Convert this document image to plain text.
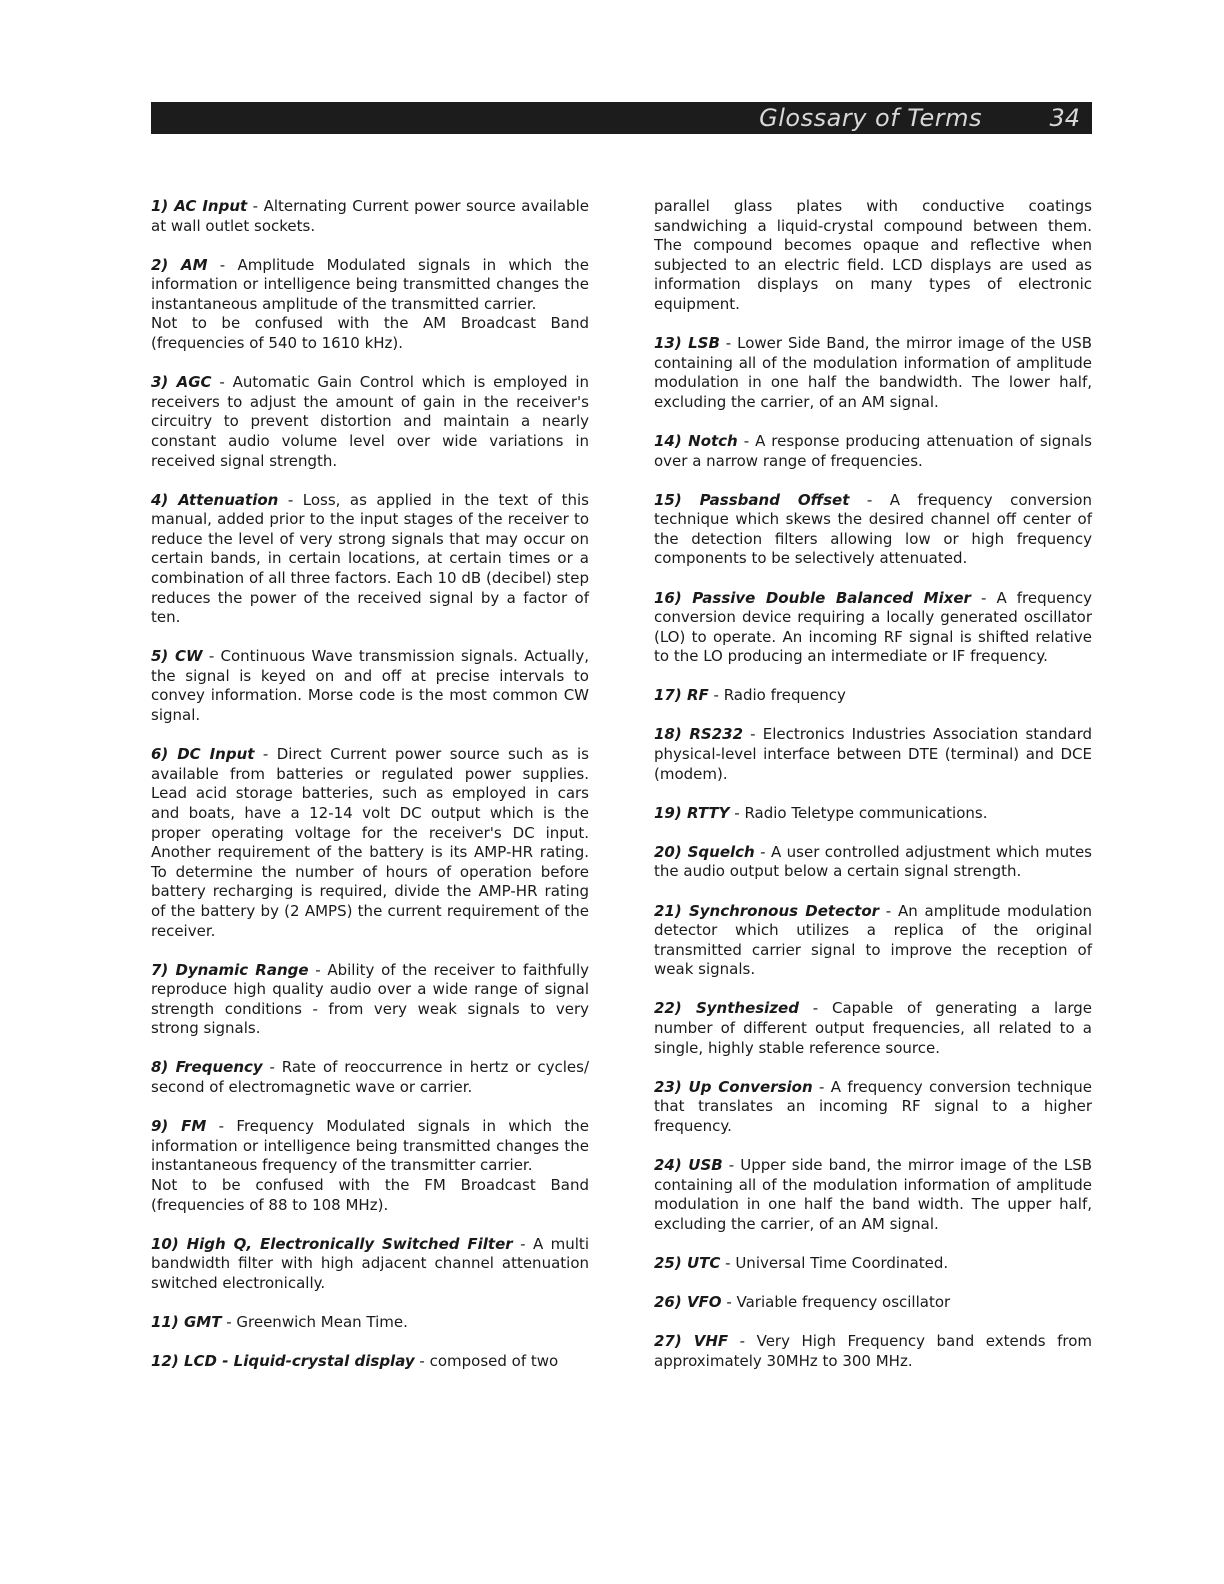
Glossary of Terms	34

1) AC Input - Alternating Current power source available at wall outlet sockets.

2) AM - Amplitude Modulated signals in which the information or intelligence being transmitted changes the instantaneous amplitude of the transmitted carrier.
Not to be confused with the AM Broadcast Band (frequencies of 540 to 1610 kHz).

3) AGC - Automatic Gain Control which is employed in receivers to adjust the amount of gain in the receiver's circuitry to prevent distortion and maintain a nearly constant audio volume level over wide variations in received signal strength.

4) Attenuation - Loss, as applied in the text of this manual, added prior to the input stages of the receiver to reduce the level of very strong signals that may occur on certain bands, in certain locations, at certain times or a combination of all three factors. Each 10 dB (decibel) step reduces the power of the received signal by a factor of ten.

5) CW - Continuous Wave transmission signals. Actually, the signal is keyed on and off at precise intervals to convey information. Morse code is the most common CW signal.

6) DC Input - Direct Current power source such as is available from batteries or regulated power supplies. Lead acid storage batteries, such as employed in cars and boats, have a 12-14 volt DC output which is the proper operating voltage for the receiver's DC input. Another requirement of the battery is its AMP-HR rating. To determine the number of hours of operation before battery recharging is required, divide the AMP-HR rating of the battery by (2 AMPS) the current requirement of the receiver.

7) Dynamic Range - Ability of the receiver to faithfully reproduce high quality audio over a wide range of signal strength conditions - from very weak signals to very strong signals.

8) Frequency - Rate of reoccurrence in hertz or cycles/ second of electromagnetic wave or carrier.

9) FM - Frequency Modulated signals in which the information or intelligence being transmitted changes the instantaneous frequency of the transmitter carrier.
Not to be confused with the FM Broadcast Band (frequencies of 88 to 108 MHz).

10) High Q, Electronically Switched Filter - A multi bandwidth filter with high adjacent channel attenuation switched electronically.

11) GMT - Greenwich Mean Time.

12) LCD - Liquid-crystal display - composed of two

parallel glass plates with conductive coatings sandwiching a liquid-crystal compound between them. The compound becomes opaque and reflective when subjected to an electric field. LCD displays are used as information displays on many types of electronic equipment.

13) LSB - Lower Side Band, the mirror image of the USB containing all of the modulation information of amplitude modulation in one half the bandwidth. The lower half, excluding the carrier, of an AM signal.

14) Notch - A response producing attenuation of signals over a narrow range of frequencies.

15) Passband Offset - A frequency conversion technique which skews the desired channel off center of the detection filters allowing low or high frequency components to be selectively attenuated.

16) Passive Double Balanced Mixer - A frequency conversion device requiring a locally generated oscillator (LO) to operate. An incoming RF signal is shifted relative to the LO producing an intermediate or IF frequency.

17) RF - Radio frequency

18) RS232 - Electronics Industries Association standard physical-level interface between DTE (terminal) and DCE (modem).

19) RTTY - Radio Teletype communications.

20) Squelch - A user controlled adjustment which mutes the audio output below a certain signal strength.

21) Synchronous Detector - An amplitude modulation detector which utilizes a replica of the original transmitted carrier signal to improve the reception of weak signals.

22) Synthesized - Capable of generating a large number of different output frequencies, all related to a single, highly stable reference source.

23) Up Conversion - A frequency conversion technique that translates an incoming RF signal to a higher frequency.

24) USB - Upper side band, the mirror image of the LSB containing all of the modulation information of amplitude modulation in one half the band width. The upper half, excluding the carrier, of an AM signal.

25) UTC - Universal Time Coordinated.

26) VFO - Variable frequency oscillator

27) VHF - Very High Frequency band extends from approximately 30MHz to 300 MHz.
